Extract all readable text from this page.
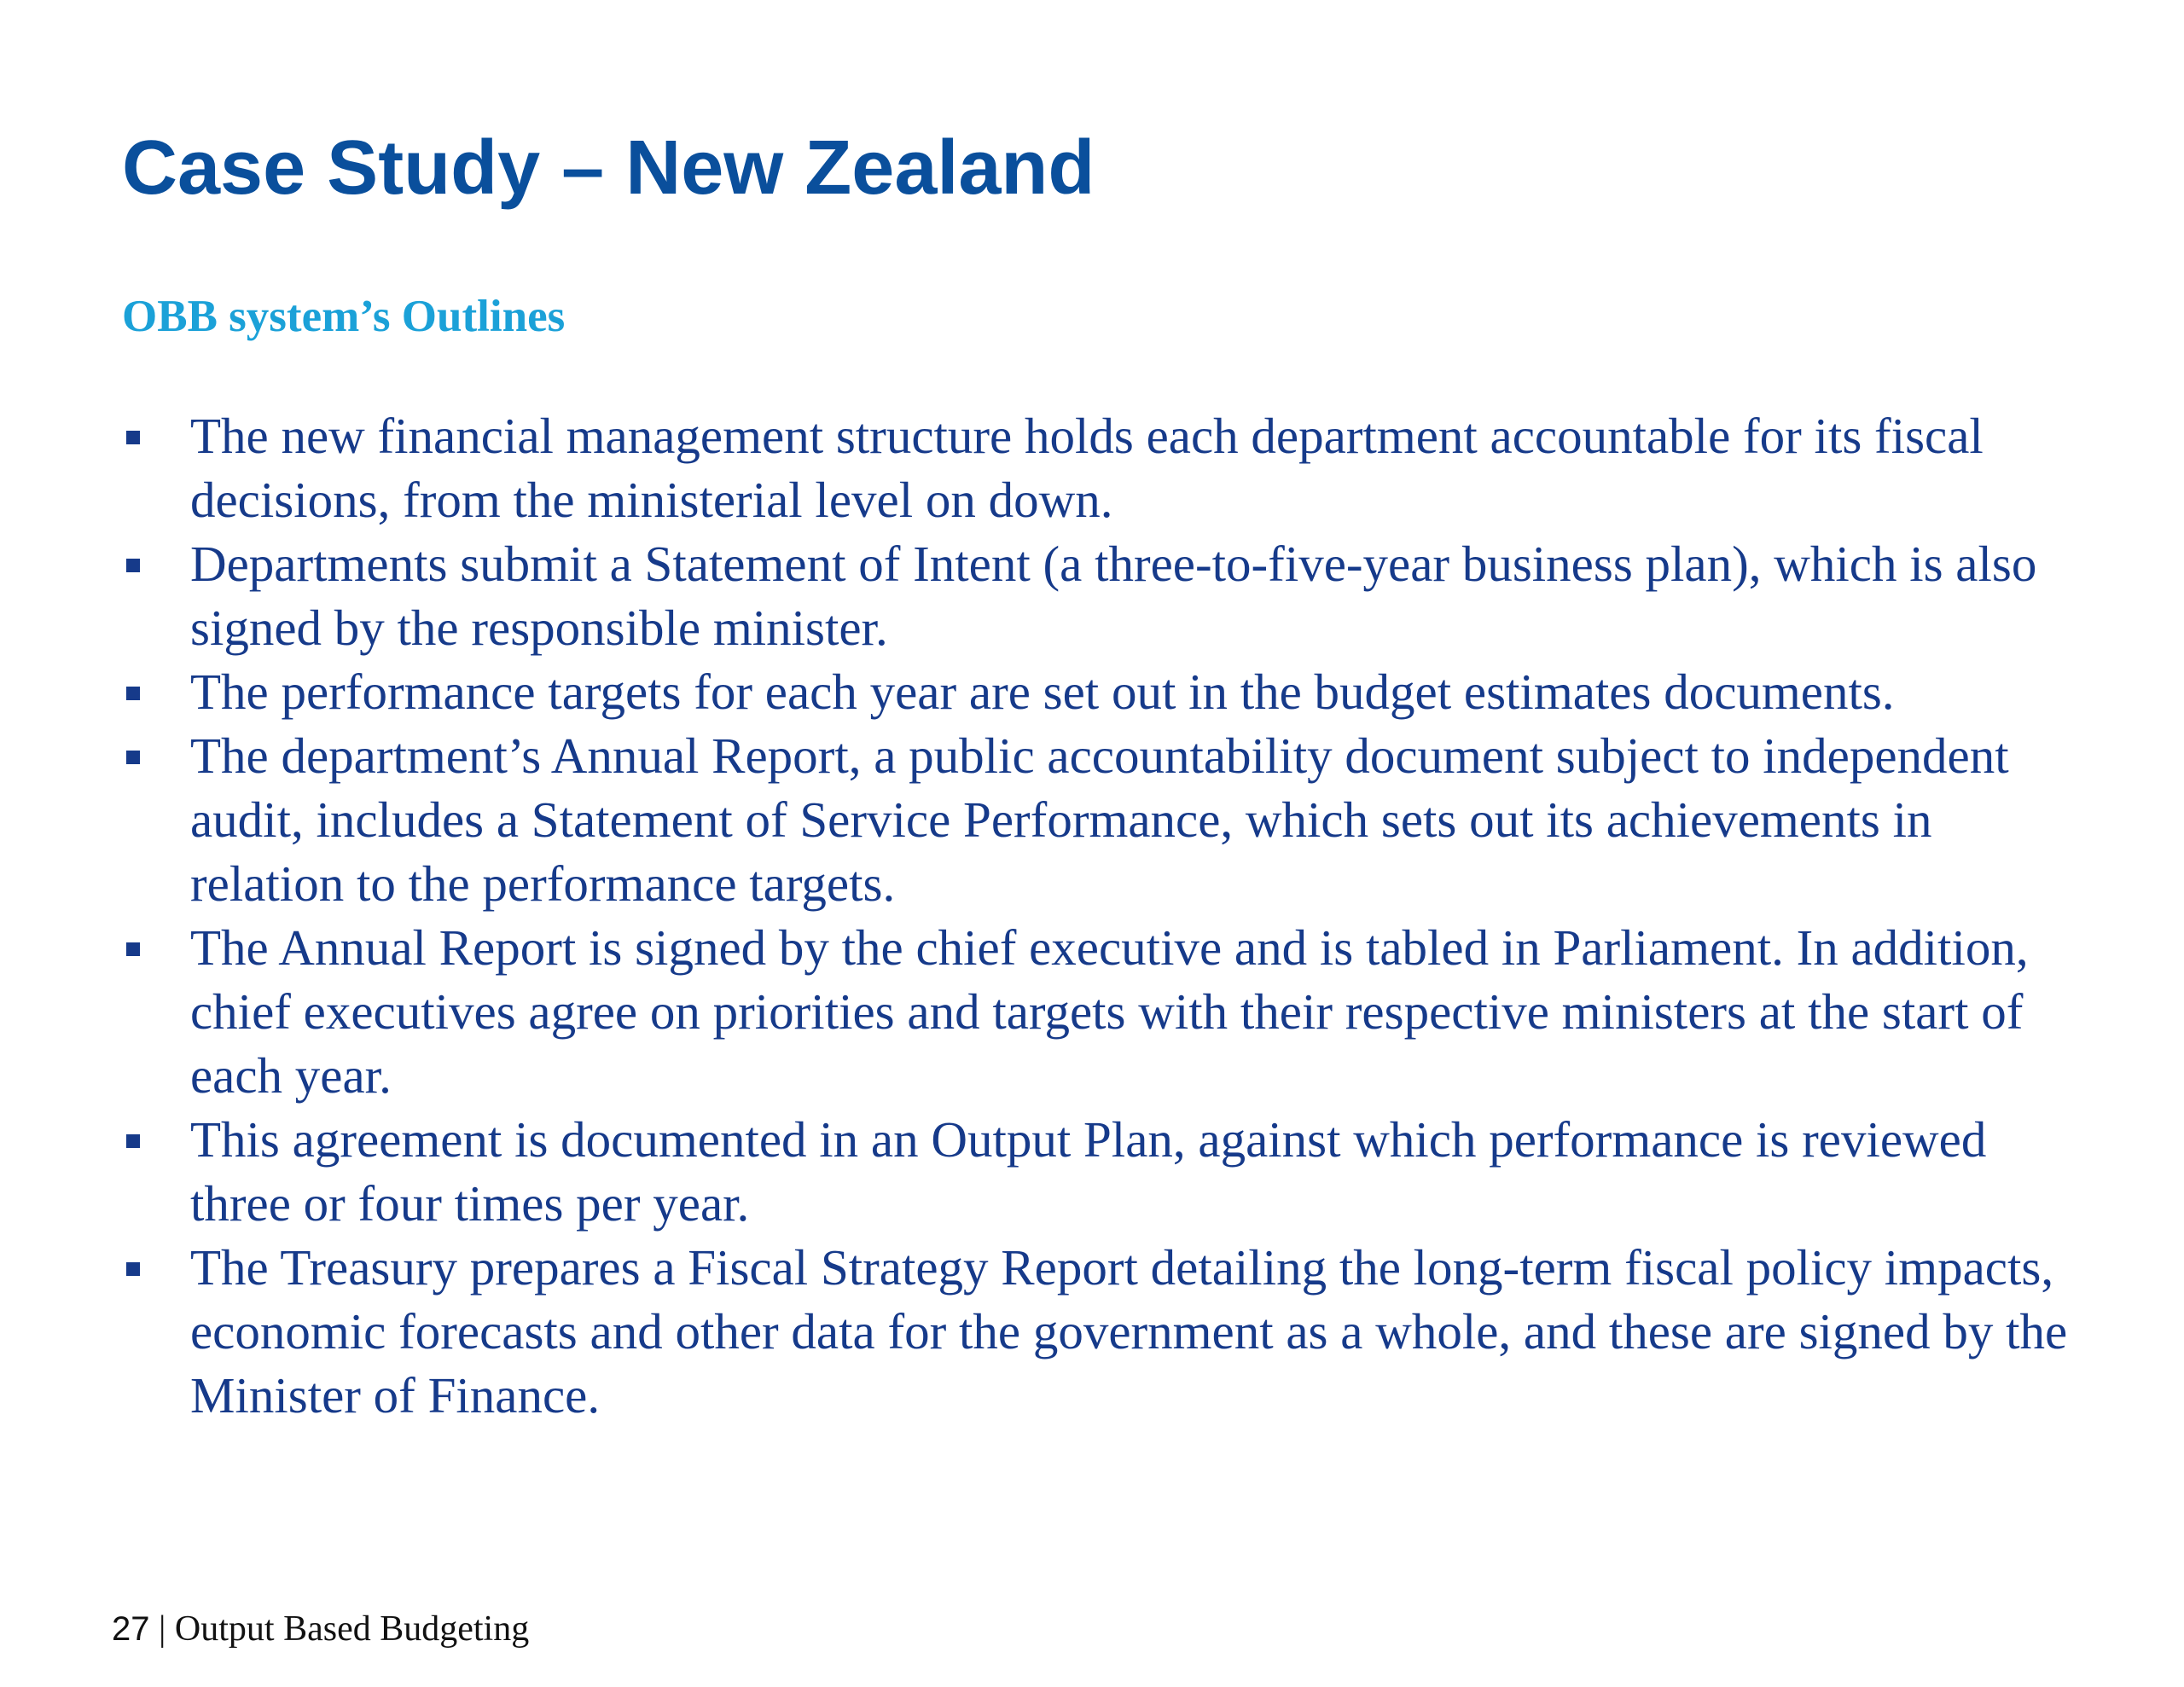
Case Study – New Zealand
OBB system’s Outlines
The new financial management structure holds each department accountable for its fiscal decisions, from the ministerial level on down.
Departments submit a Statement of Intent (a three-to-five-year business plan), which is also signed by the responsible minister.
The performance targets for each year are set out in the budget estimates documents.
The department’s Annual Report, a public accountability document subject to independent audit, includes a Statement of Service Performance, which sets out its achievements in relation to the performance targets.
The Annual Report is signed by the chief executive and is tabled in Parliament. In addition, chief executives agree on priorities and targets with their respective ministers at the start of each year.
This agreement is documented in an Output Plan, against which performance is reviewed three or four times per year.
The Treasury prepares a Fiscal Strategy Report detailing the long-term fiscal policy impacts, economic forecasts and other data for the government as a whole, and these are signed by the Minister of Finance.
27 | Output Based Budgeting
